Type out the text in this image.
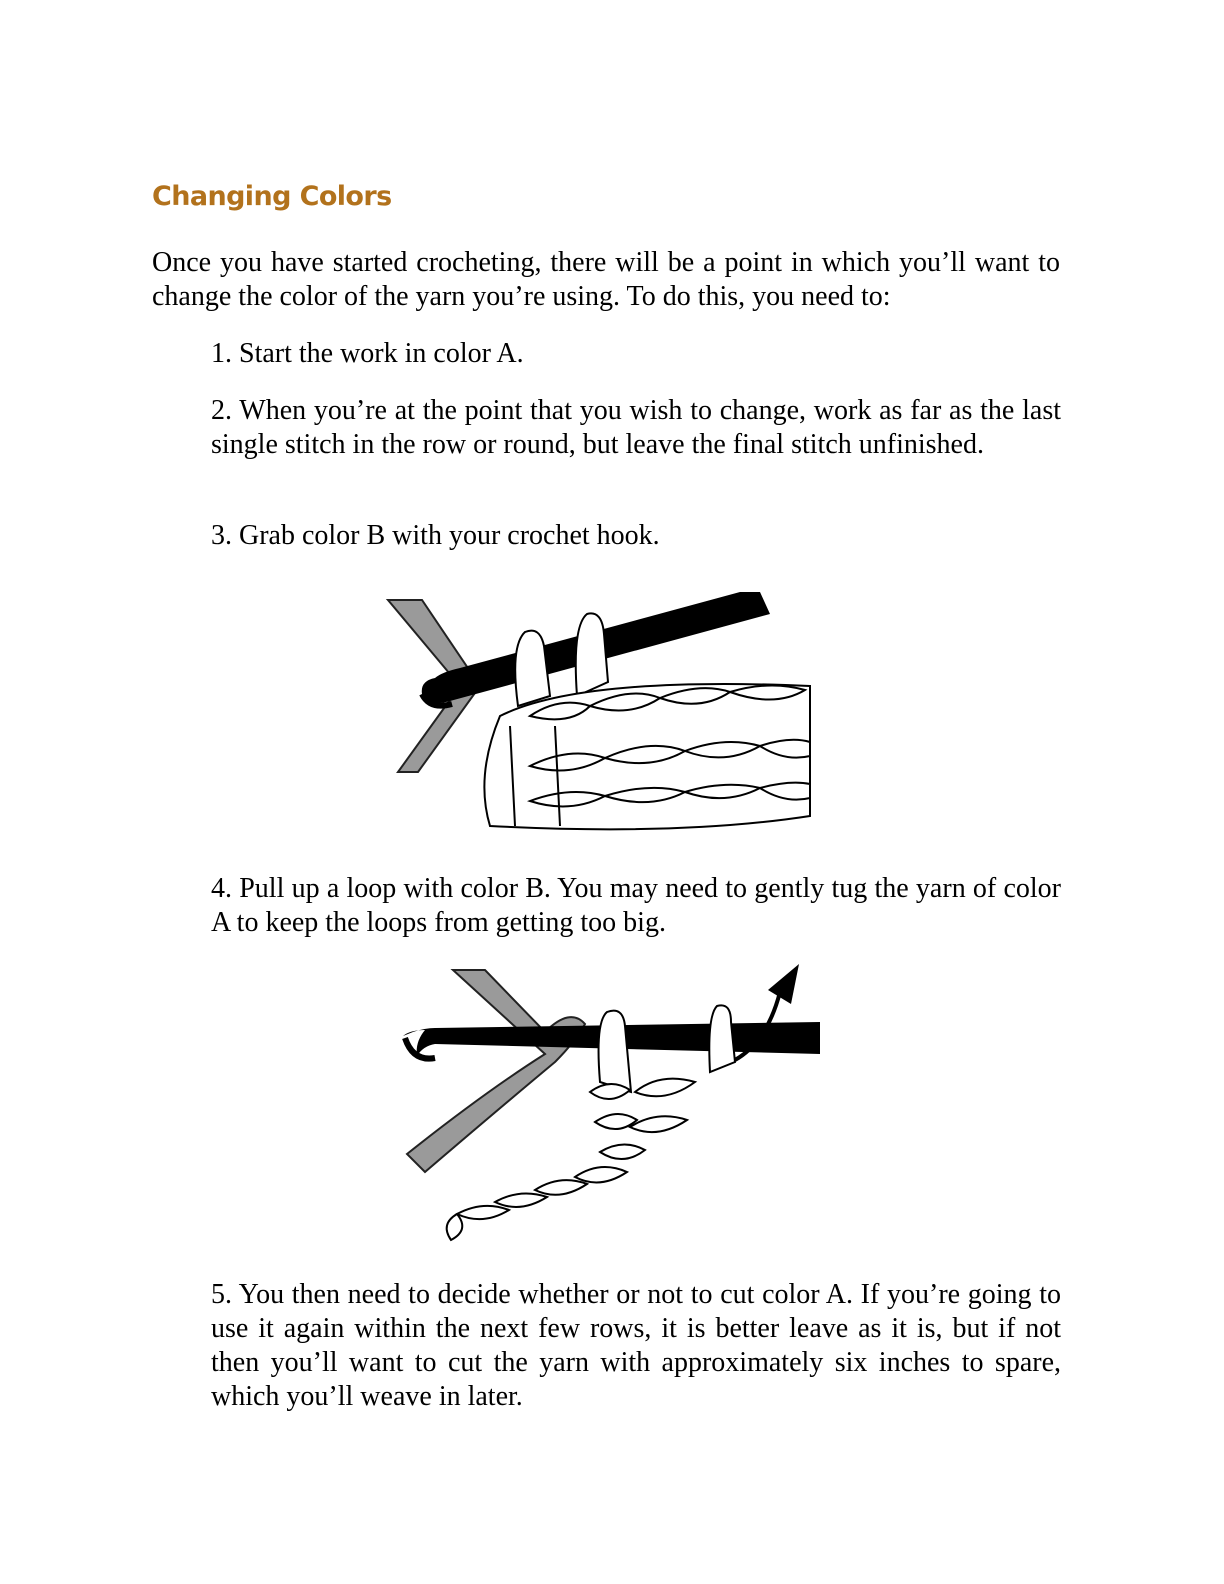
Changing Colors

Once you have started crocheting, there will be a point in which you’ll want to change the color of the yarn you’re using. To do this, you need to:

1. Start the work in color A.

2. When you’re at the point that you wish to change, work as far as the last single stitch in the row or round, but leave the final stitch unfinished.

3. Grab color B with your crochet hook.

4. Pull up a loop with color B. You may need to gently tug the yarn of color A to keep the loops from getting too big.

5. You then need to decide whether or not to cut color A. If you’re going to use it again within the next few rows, it is better leave as it is, but if not then you’ll want to cut the yarn with approximately six inches to spare, which you’ll weave in later.
